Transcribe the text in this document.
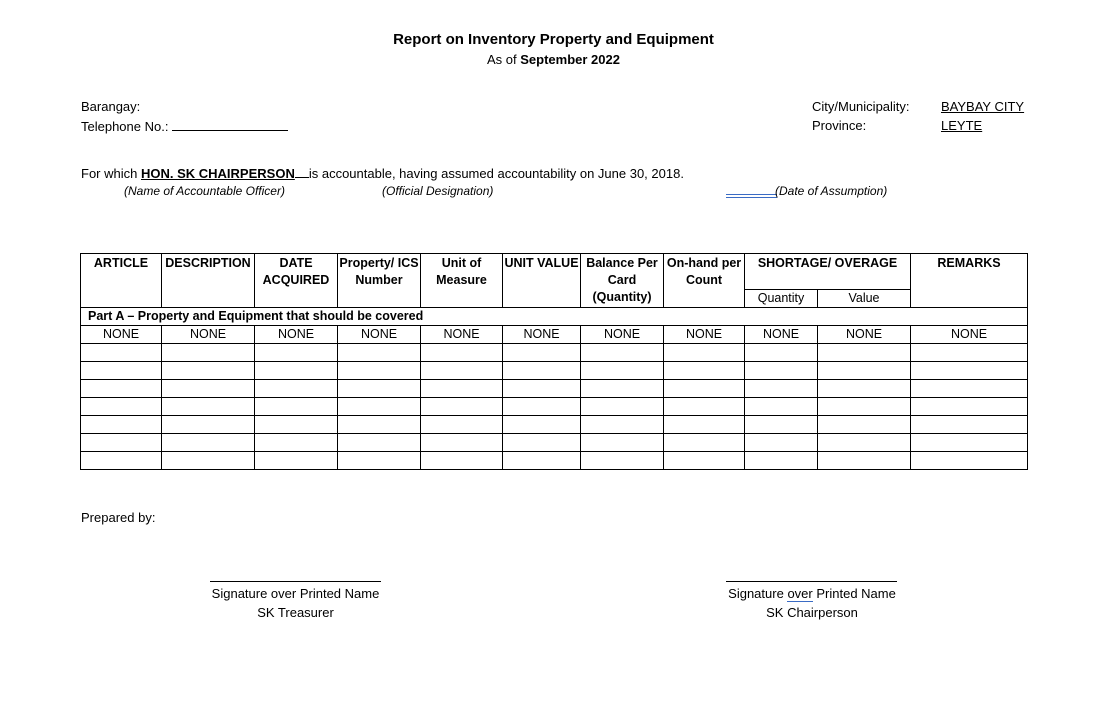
Report on Inventory Property and Equipment
As of September 2022
Barangay:
Telephone No.:
City/Municipality: BAYBAY CITY
Province:	LEYTE
For which HON. SK CHAIRPERSON is accountable, having assumed accountability on June 30, 2018.
(Name of Accountable Officer)	(Official Designation)	(Date of Assumption)
ARTICLE	DESCRIPTION	DATE ACQUIRED	Property/ ICS Number	Unit of Measure	UNIT VALUE	Balance Per Card (Quantity)	On-hand per Count	SHORTAGE/ OVERAGE		REMARKS
								Quantity	Value	
Part A – Property and Equipment that should be covered										
NONE	NONE	NONE	NONE	NONE	NONE	NONE	NONE	NONE	NONE	NONE

Prepared by:
Signature over Printed Name
SK Treasurer
Signature over Printed Name
SK Chairperson
